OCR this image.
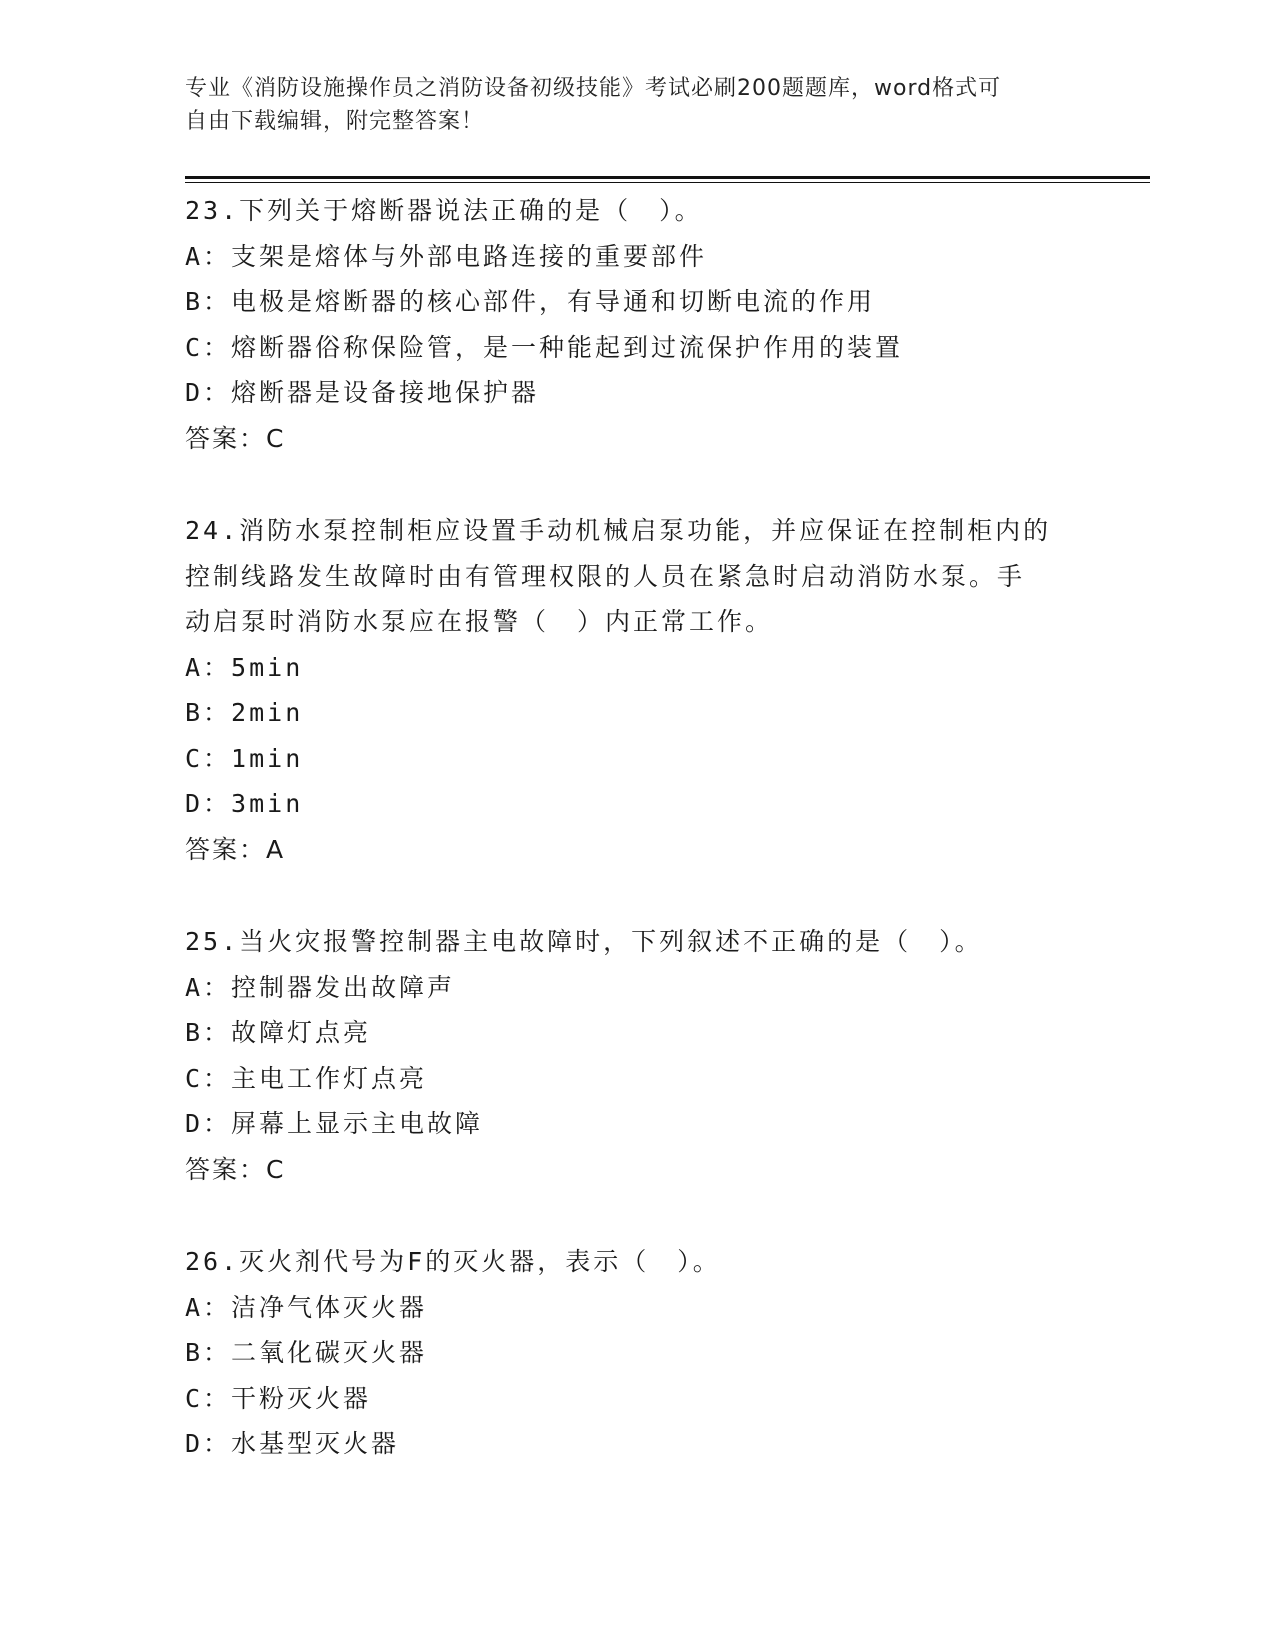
专业《消防设施操作员之消防设备初级技能》考试必刷200题题库，word格式可
自由下载编辑，附完整答案！
23.下列关于熔断器说法正确的是（　）。
A：支架是熔体与外部电路连接的重要部件
B：电极是熔断器的核心部件，有导通和切断电流的作用
C：熔断器俗称保险管，是一种能起到过流保护作用的装置
D：熔断器是设备接地保护器
答案：C
24.消防水泵控制柜应设置手动机械启泵功能，并应保证在控制柜内的
控制线路发生故障时由有管理权限的人员在紧急时启动消防水泵。手
动启泵时消防水泵应在报警（　）内正常工作。
A：5min
B：2min
C：1min
D：3min
答案：A
25.当火灾报警控制器主电故障时，下列叙述不正确的是（　）。
A：控制器发出故障声
B：故障灯点亮
C：主电工作灯点亮
D：屏幕上显示主电故障
答案：C
26.灭火剂代号为F的灭火器，表示（　）。
A：洁净气体灭火器
B：二氧化碳灭火器
C：干粉灭火器
D：水基型灭火器
